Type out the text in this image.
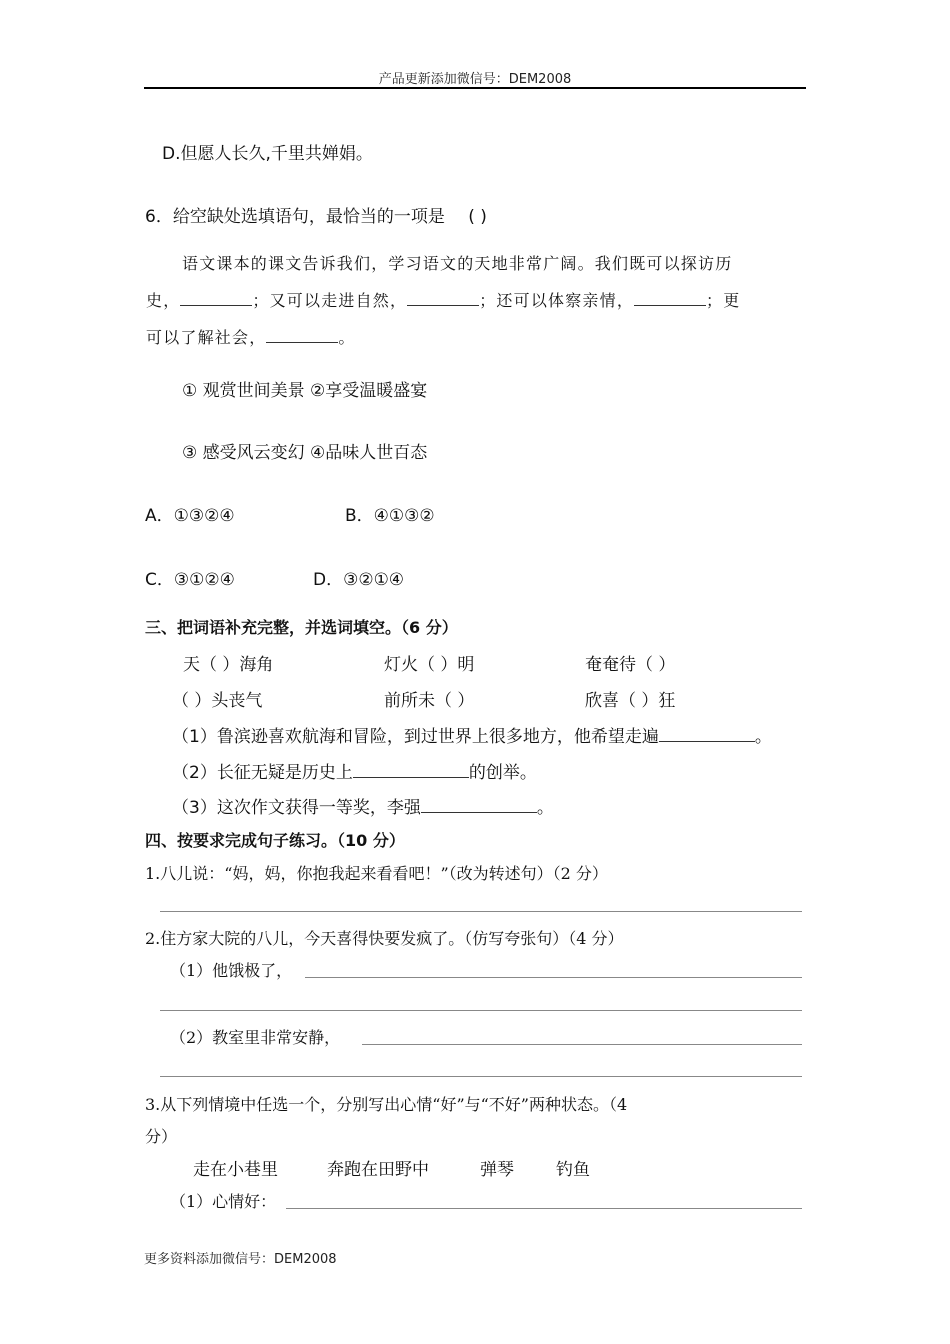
产品更新添加微信号：DEM2008
D.但愿人长久,千里共婵娟。
6．给空缺处选填语句，最恰当的一项是 ( )
语文课本的课文告诉我们，学习语文的天地非常广阔。我们既可以探访历
史，	；又可以走进自然，	；还可以体察亲情，	；更
可以了解社会，	。
① 观赏世间美景 ②享受温暖盛宴
③ 感受风云变幻 ④品味人世百态
A．①③②④	B．④①③②
C．③①②④	D．③②①④
三、把词语补充完整，并选词填空。（6 分）
天（ ）海角	灯火（ ）明	奄奄待（ ）
（ ）头丧气	前所未（ ）	欣喜（ ）狂
（1）鲁滨逊喜欢航海和冒险，到过世界上很多地方，他希望走遍	。
（2）长征无疑是历史上	的创举。
（3）这次作文获得一等奖，李强	。
四、按要求完成句子练习。（10 分）
1.八儿说：“妈，妈，你抱我起来看看吧！”（改为转述句）（2 分）
2.住方家大院的八儿，今天喜得快要发疯了。（仿写夸张句）（4 分）
（1）他饿极了，
（2）教室里非常安静，
3.从下列情境中任选一个，分别写出心情“好”与“不好”两种状态。（4
分）
走在小巷里	奔跑在田野中	弹琴 钓鱼
（1）心情好：
更多资料添加微信号：DEM2008
